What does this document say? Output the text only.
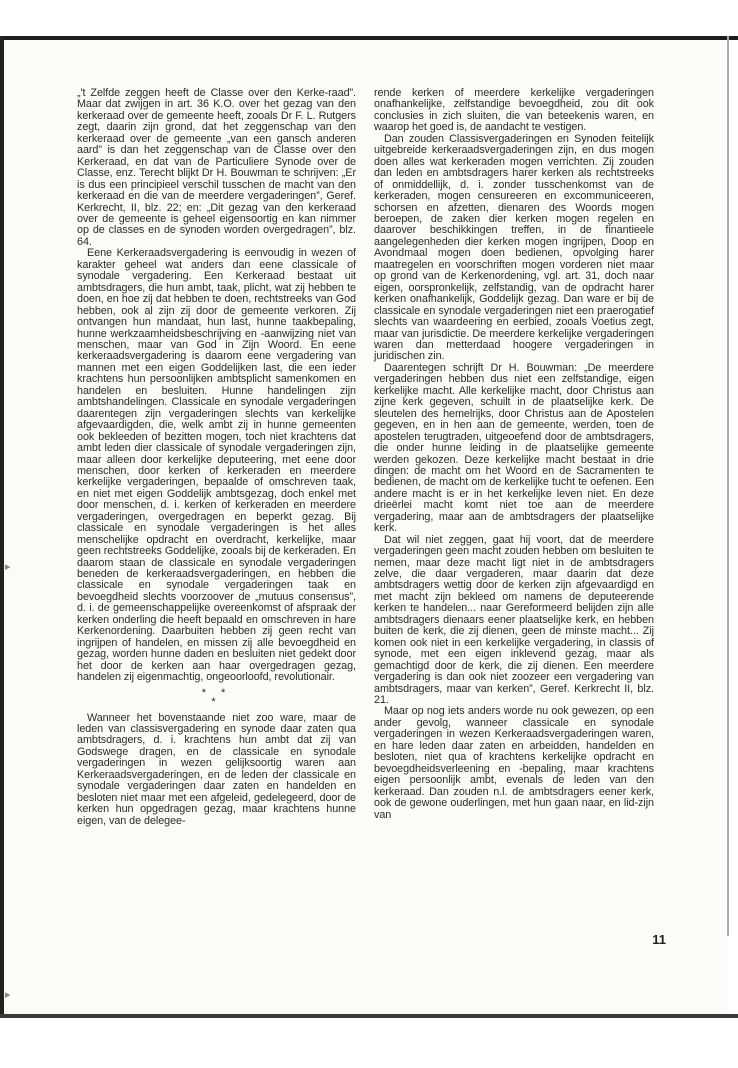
▸
▸

„'t Zelfde zeggen heeft de Classe over den Kerke-raad”. Maar dat zwijgen in art. 36 K.O. over het gezag van den kerkeraad over de gemeente heeft, zooals Dr F. L. Rutgers zegt, daarin zijn grond, dat het zeggenschap van den kerkeraad over de gemeente „van een gansch anderen aard” is dan het zeggenschap van de Classe over den Kerkeraad, en dat van de Particuliere Synode over de Classe, enz. Terecht blijkt Dr H. Bouwman te schrijven: „Er is dus een principieel verschil tusschen de macht van den kerkeraad en die van de meerdere vergaderingen”, Geref. Kerkrecht, II, blz. 22; en: „Dit gezag van den kerkeraad over de gemeente is geheel eigensoortig en kan nimmer op de classes en de synoden worden overgedragen”, blz. 64.

Eene Kerkeraadsvergadering is eenvoudig in wezen of karakter geheel wat anders dan eene classicale of synodale vergadering. Een Kerkeraad bestaat uit ambtsdragers, die hun ambt, taak, plicht, wat zij hebben te doen, en hoe zij dat hebben te doen, rechtstreeks van God hebben, ook al zijn zij door de gemeente verkoren. Zij ontvangen hun mandaat, hun last, hunne taakbepaling, hunne werkzaamheidsbeschrijving en -aanwijzing niet van menschen, maar van God in Zijn Woord. En eene kerkeraadsvergadering is daarom eene vergadering van mannen met een eigen Goddelijken last, die een ieder krachtens hun persoonlijken ambtsplicht samenkomen en handelen en besluiten. Hunne handelingen zijn ambtshandelingen. Classicale en synodale vergaderingen daarentegen zijn vergaderingen slechts van kerkelijke afgevaardigden, die, welk ambt zij in hunne gemeenten ook bekleeden of bezitten mogen, toch niet krachtens dat ambt leden dier classicale of synodale vergaderingen zijn, maar alleen door kerkelijke deputeering, met eene door menschen, door kerken of kerkeraden en meerdere kerkelijke vergaderingen, bepaalde of omschreven taak, en niet met eigen Goddelijk ambtsgezag, doch enkel met door menschen, d. i. kerken of kerkeraden en meerdere vergaderingen, overgedragen en beperkt gezag. Bij classicale en synodale vergaderingen is het alles menschelijke opdracht en overdracht, kerkelijke, maar geen rechtstreeks Goddelijke, zooals bij de kerkeraden. En daarom staan de classicale en synodale vergaderingen beneden de kerkeraadsvergaderingen, en hebben die classicale en synodale vergaderingen taak en bevoegdheid slechts voorzoover de „mutuus consensus”, d. i. de gemeenschappelijke overeenkomst of afspraak der kerken onderling die heeft bepaald en omschreven in hare Kerkenordening. Daarbuiten hebben zij geen recht van ingrijpen of handelen, en missen zij alle bevoegdheid en gezag, worden hunne daden en besluiten niet gedekt door het door de kerken aan haar overgedragen gezag, handelen zij eigenmachtig, ongeoorloofd, revolutionair.

* *
*

Wanneer het bovenstaande niet zoo ware, maar de leden van classisvergadering en synode daar zaten qua ambtsdragers, d. i. krachtens hun ambt dat zij van Godswege dragen, en de classicale en synodale vergaderingen in wezen gelijksoortig waren aan Kerkeraadsvergaderingen, en de leden der classicale en synodale vergaderingen daar zaten en handelden en besloten niet maar met een afgeleid, gedelegeerd, door de kerken hun opgedragen gezag, maar krachtens hunne eigen, van de delegee-

rende kerken of meerdere kerkelijke vergaderingen onafhankelijke, zelfstandige bevoegdheid, zou dit ook conclusies in zich sluiten, die van beteekenis waren, en waarop het goed is, de aandacht te vestigen.

Dan zouden Classisvergaderingen en Synoden feitelijk uitgebreide kerkeraadsvergaderingen zijn, en dus mogen doen alles wat kerkeraden mogen verrichten. Zij zouden dan leden en ambtsdragers harer kerken als rechtstreeks of onmiddellijk, d. i. zonder tusschenkomst van de kerkeraden, mogen censureeren en excommuniceeren, schorsen en afzetten, dienaren des Woords mogen beroepen, de zaken dier kerken mogen regelen en daarover beschikkingen treffen, in de finantieele aangelegenheden dier kerken mogen ingrijpen, Doop en Avondmaal mogen doen bedienen, opvolging harer maatregelen en voorschriften mogen vorderen niet maar op grond van de Kerkenordening, vgl. art. 31, doch naar eigen, oorspronkelijk, zelfstandig, van de opdracht harer kerken onafhankelijk, Goddelijk gezag. Dan ware er bij de classicale en synodale vergaderingen niet een praerogatief slechts van waardeering en eerbied, zooals Voetius zegt, maar van jurisdictie. De meerdere kerkelijke vergaderingen waren dan metterdaad hoogere vergaderingen in juridischen zin.

Daarentegen schrijft Dr H. Bouwman: „De meerdere vergaderingen hebben dus niet een zelfstandige, eigen kerkelijke macht. Alle kerkelijke macht, door Christus aan zijne kerk gegeven, schuilt in de plaatselijke kerk. De sleutelen des hemelrijks, door Christus aan de Apostelen gegeven, en in hen aan de gemeente, werden, toen de apostelen terugtraden, uitgeoefend door de ambtsdragers, die onder hunne leiding in de plaatselijke gemeente werden gekozen. Deze kerkelijke macht bestaat in drie dingen: de macht om het Woord en de Sacramenten te bedienen, de macht om de kerkelijke tucht te oefenen. Een andere macht is er in het kerkelijke leven niet. En deze drieërlei macht komt niet toe aan de meerdere vergadering, maar aan de ambtsdragers der plaatselijke kerk.

Dat wil niet zeggen, gaat hij voort, dat de meerdere vergaderingen geen macht zouden hebben om besluiten te nemen, maar deze macht ligt niet in de ambtsdragers zelve, die daar vergaderen, maar daarin dat deze ambtsdragers wettig door de kerken zijn afgevaardigd en met macht zijn bekleed om namens de deputeerende kerken te handelen... naar Gereformeerd belijden zijn alle ambtsdragers dienaars eener plaatselijke kerk, en hebben buiten de kerk, die zij dienen, geen de minste macht... Zij komen ook niet in een kerkelijke vergadering, in classis of synode, met een eigen inklevend gezag, maar als gemachtigd door de kerk, die zij dienen. Een meerdere vergadering is dan ook niet zoozeer een vergadering van ambtsdragers, maar van kerken”, Geref. Kerkrecht II, blz. 21.

Maar op nog iets anders worde nu ook gewezen, op een ander gevolg, wanneer classicale en synodale vergaderingen in wezen Kerkeraadsvergaderingen waren, en hare leden daar zaten en arbeidden, handelden en besloten, niet qua of krachtens kerkelijke opdracht en bevoegdheidsverleening en -bepaling, maar krachtens eigen persoonlijk ambt, evenals de leden van den kerkeraad. Dan zouden n.l. de ambtsdragers eener kerk, ook de gewone ouderlingen, met hun gaan naar, en lid-zijn van

11
